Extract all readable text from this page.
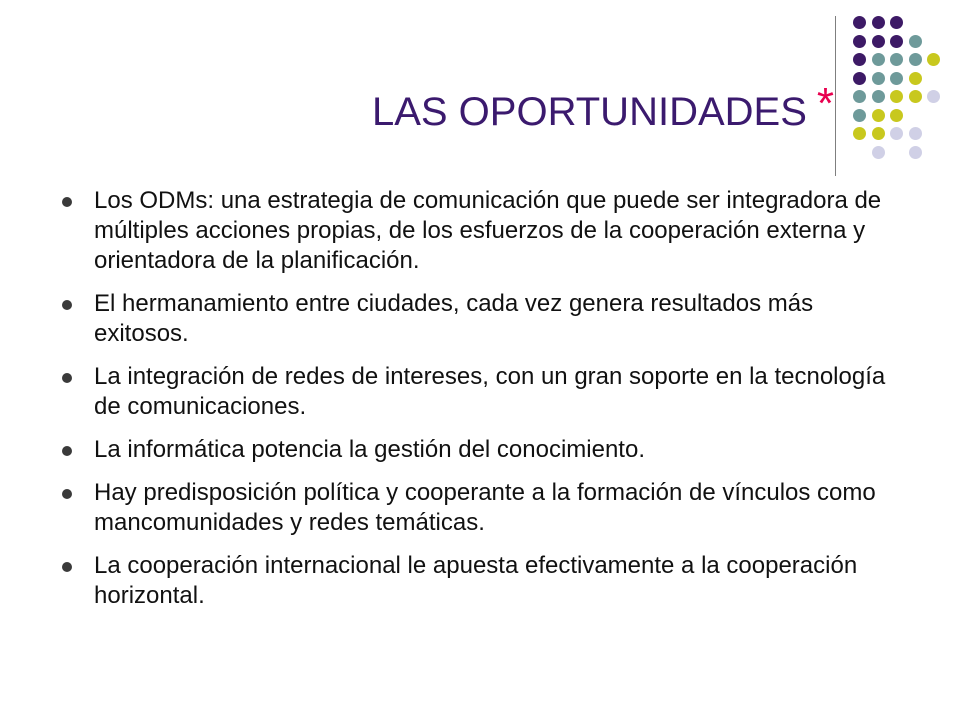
LAS OPORTUNIDADES *
Los ODMs: una estrategia de comunicación que puede ser integradora de múltiples acciones propias, de los esfuerzos de la cooperación externa y orientadora de la planificación.
El hermanamiento entre ciudades, cada vez genera resultados más exitosos.
La integración de redes de intereses, con un gran soporte en la tecnología de comunicaciones.
La informática potencia la gestión del conocimiento.
Hay predisposición política y cooperante a la formación de vínculos como mancomunidades y redes temáticas.
La cooperación internacional le apuesta efectivamente a la cooperación horizontal.
